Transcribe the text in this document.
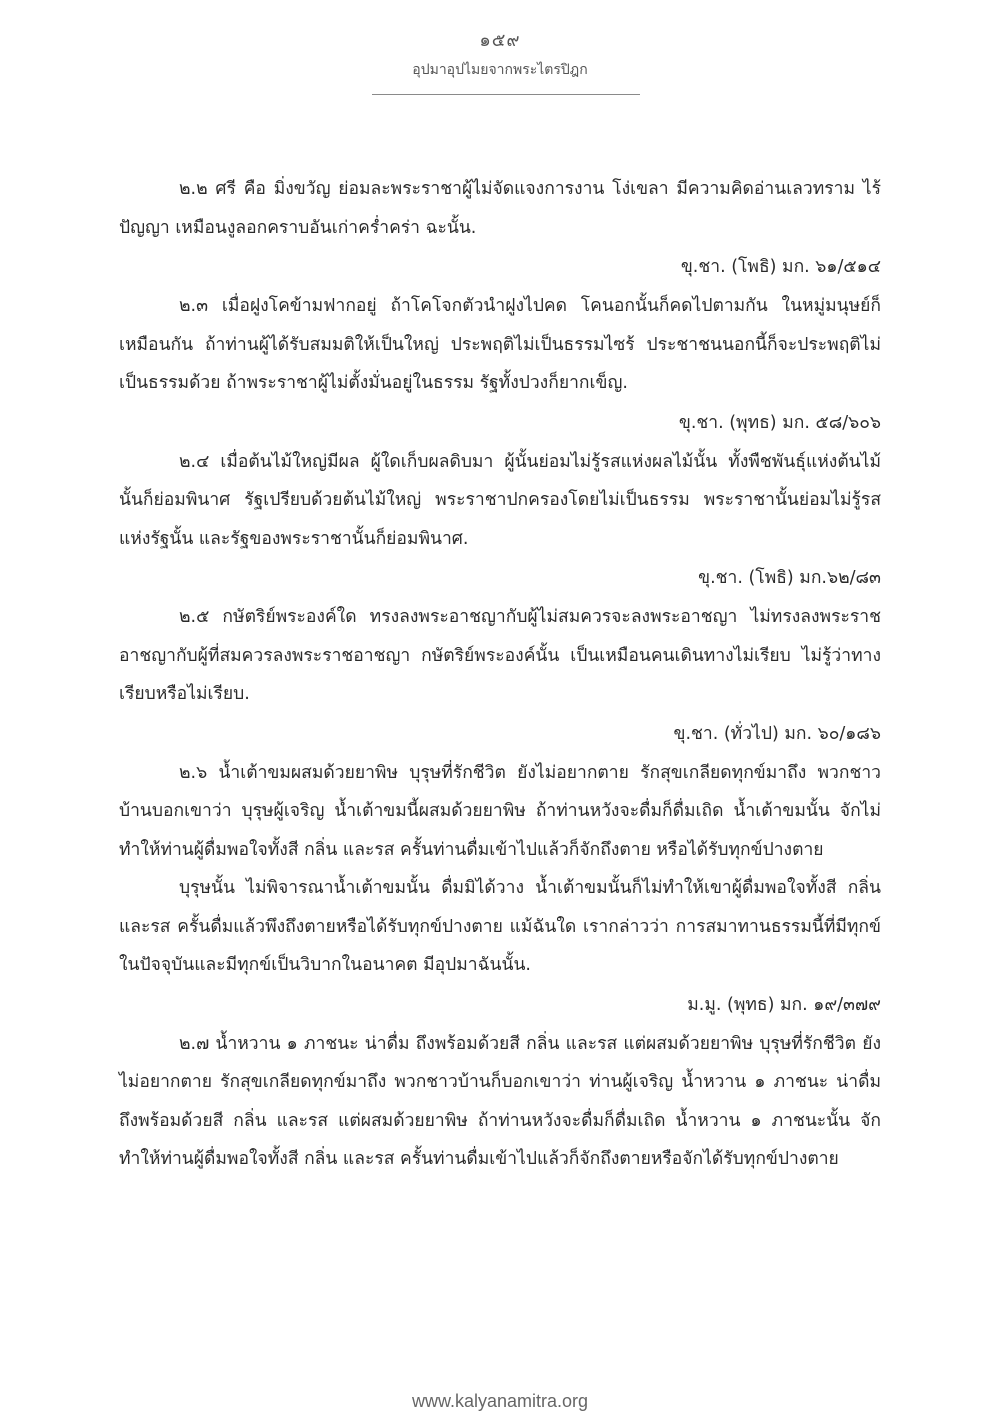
๑๕๙
อุปมาอุปไมยจากพระไตรปิฎก

๒.๒ ศรี คือ มิ่งขวัญ ย่อมละพระราชาผู้ไม่จัดแจงการงาน โง่เขลา มีความคิดอ่านเลวทราม ไร้ปัญญา เหมือนงูลอกคราบอันเก่าคร่ำคร่า ฉะนั้น.

ขุ.ชา. (โพธิ) มก. ๖๑/๕๑๔

๒.๓ เมื่อฝูงโคข้ามฟากอยู่ ถ้าโคโจกตัวนำฝูงไปคด โคนอกนั้นก็คดไปตามกัน ในหมู่มนุษย์ก็เหมือนกัน ถ้าท่านผู้ได้รับสมมติให้เป็นใหญ่ ประพฤติไม่เป็นธรรมไซร้ ประชาชนนอกนี้ก็จะประพฤติไม่เป็นธรรมด้วย ถ้าพระราชาผู้ไม่ตั้งมั่นอยู่ในธรรม รัฐทั้งปวงก็ยากเข็ญ.

ขุ.ชา. (พุทธ) มก. ๕๘/๖๐๖

๒.๔ เมื่อต้นไม้ใหญ่มีผล ผู้ใดเก็บผลดิบมา ผู้นั้นย่อมไม่รู้รสแห่งผลไม้นั้น ทั้งพืชพันธุ์แห่งต้นไม้นั้นก็ย่อมพินาศ รัฐเปรียบด้วยต้นไม้ใหญ่ พระราชาปกครองโดยไม่เป็นธรรม พระราชานั้นย่อมไม่รู้รสแห่งรัฐนั้น และรัฐของพระราชานั้นก็ย่อมพินาศ.

ขุ.ชา. (โพธิ) มก.๖๒/๘๓

๒.๕ กษัตริย์พระองค์ใด ทรงลงพระอาชญากับผู้ไม่สมควรจะลงพระอาชญา ไม่ทรงลงพระราชอาชญากับผู้ที่สมควรลงพระราชอาชญา กษัตริย์พระองค์นั้น เป็นเหมือนคนเดินทางไม่เรียบ ไม่รู้ว่าทางเรียบหรือไม่เรียบ.

ขุ.ชา. (ทั่วไป) มก. ๖๐/๑๘๖

๒.๖ น้ำเต้าขมผสมด้วยยาพิษ บุรุษที่รักชีวิต ยังไม่อยากตาย รักสุขเกลียดทุกข์มาถึง พวกชาวบ้านบอกเขาว่า บุรุษผู้เจริญ น้ำเต้าขมนี้ผสมด้วยยาพิษ ถ้าท่านหวังจะดื่มก็ดื่มเถิด น้ำเต้าขมนั้น จักไม่ทำให้ท่านผู้ดื่มพอใจทั้งสี กลิ่น และรส ครั้นท่านดื่มเข้าไปแล้วก็จักถึงตาย หรือได้รับทุกข์ปางตาย

บุรุษนั้น ไม่พิจารณาน้ำเต้าขมนั้น ดื่มมิได้วาง น้ำเต้าขมนั้นก็ไม่ทำให้เขาผู้ดื่มพอใจทั้งสี กลิ่น และรส ครั้นดื่มแล้วพึงถึงตายหรือได้รับทุกข์ปางตาย แม้ฉันใด เรากล่าวว่า การสมาทานธรรมนี้ที่มีทุกข์ในปัจจุบันและมีทุกข์เป็นวิบากในอนาคต มีอุปมาฉันนั้น.

ม.มู. (พุทธ) มก. ๑๙/๓๗๙

๒.๗ น้ำหวาน ๑ ภาชนะ น่าดื่ม ถึงพร้อมด้วยสี กลิ่น และรส แต่ผสมด้วยยาพิษ บุรุษที่รักชีวิต ยังไม่อยากตาย รักสุขเกลียดทุกข์มาถึง พวกชาวบ้านก็บอกเขาว่า ท่านผู้เจริญ น้ำหวาน ๑ ภาชนะ น่าดื่ม ถึงพร้อมด้วยสี กลิ่น และรส แต่ผสมด้วยยาพิษ ถ้าท่านหวังจะดื่มก็ดื่มเถิด น้ำหวาน ๑ ภาชนะนั้น จักทำให้ท่านผู้ดื่มพอใจทั้งสี กลิ่น และรส ครั้นท่านดื่มเข้าไปแล้วก็จักถึงตายหรือจักได้รับทุกข์ปางตาย

www.kalyanamitra.org
